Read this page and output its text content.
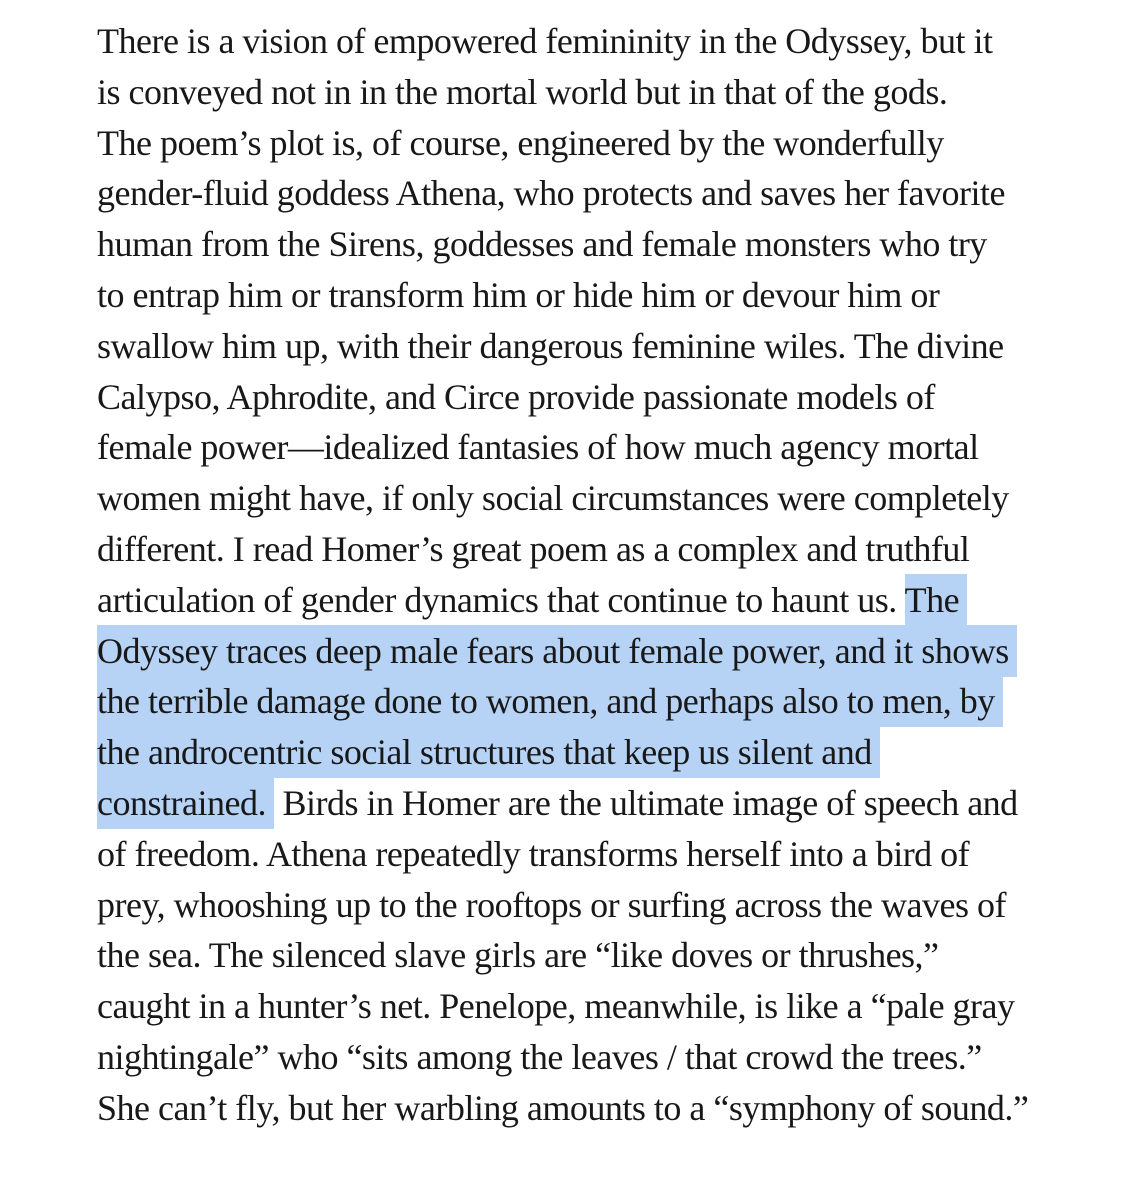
There is a vision of empowered femininity in the Odyssey, but it
is conveyed not in in the mortal world but in that of the gods.
The poem’s plot is, of course, engineered by the wonderfully
gender-fluid goddess Athena, who protects and saves her favorite
human from the Sirens, goddesses and female monsters who try
to entrap him or transform him or hide him or devour him or
swallow him up, with their dangerous feminine wiles. The divine
Calypso, Aphrodite, and Circe provide passionate models of
female power—idealized fantasies of how much agency mortal
women might have, if only social circumstances were completely
different. I read Homer’s great poem as a complex and truthful
articulation of gender dynamics that continue to haunt us. The
Odyssey traces deep male fears about female power, and it shows
the terrible damage done to women, and perhaps also to men, by
the androcentric social structures that keep us silent and
constrained. Birds in Homer are the ultimate image of speech and
of freedom. Athena repeatedly transforms herself into a bird of
prey, whooshing up to the rooftops or surfing across the waves of
the sea. The silenced slave girls are “like doves or thrushes,”
caught in a hunter’s net. Penelope, meanwhile, is like a “pale gray
nightingale” who “sits among the leaves / that crowd the trees.”
She can’t fly, but her warbling amounts to a “symphony of sound.”
